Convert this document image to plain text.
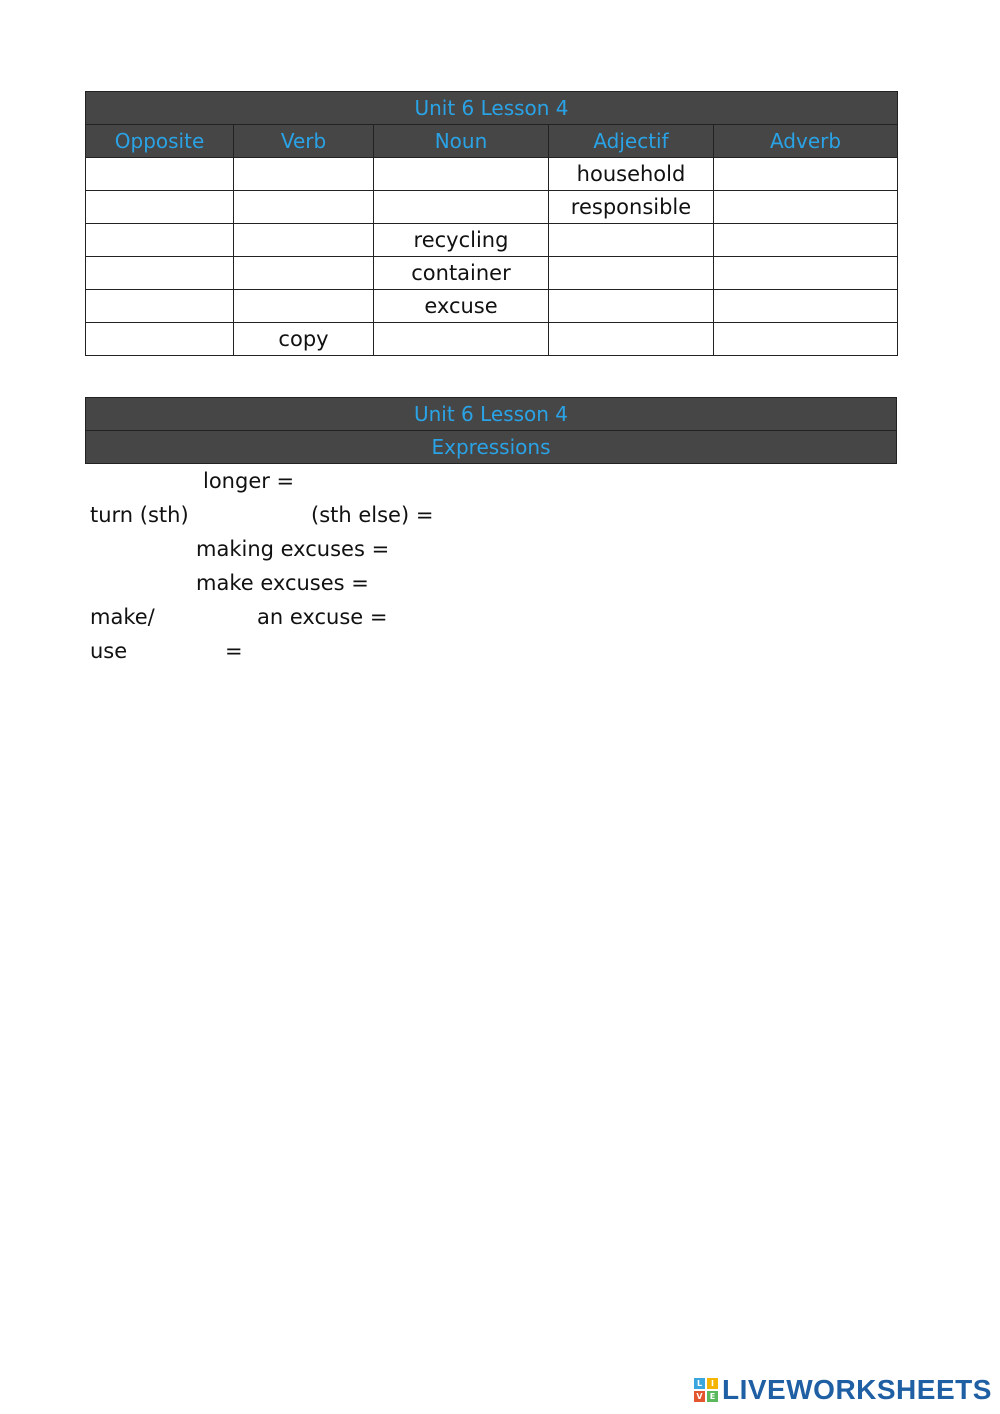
Unit 6 Lesson 4				
Opposite	Verb	Noun	Adjectif	Adverb
			household	
			responsible	
		recycling		
		container		
		excuse		
	copy			
Unit 6 Lesson 4
Expressions
longer =
turn (sth)	(sth else) =
making excuses =
make excuses =
make/	an excuse =
use	=
L	I
V E LIVEWORKSHEETS
